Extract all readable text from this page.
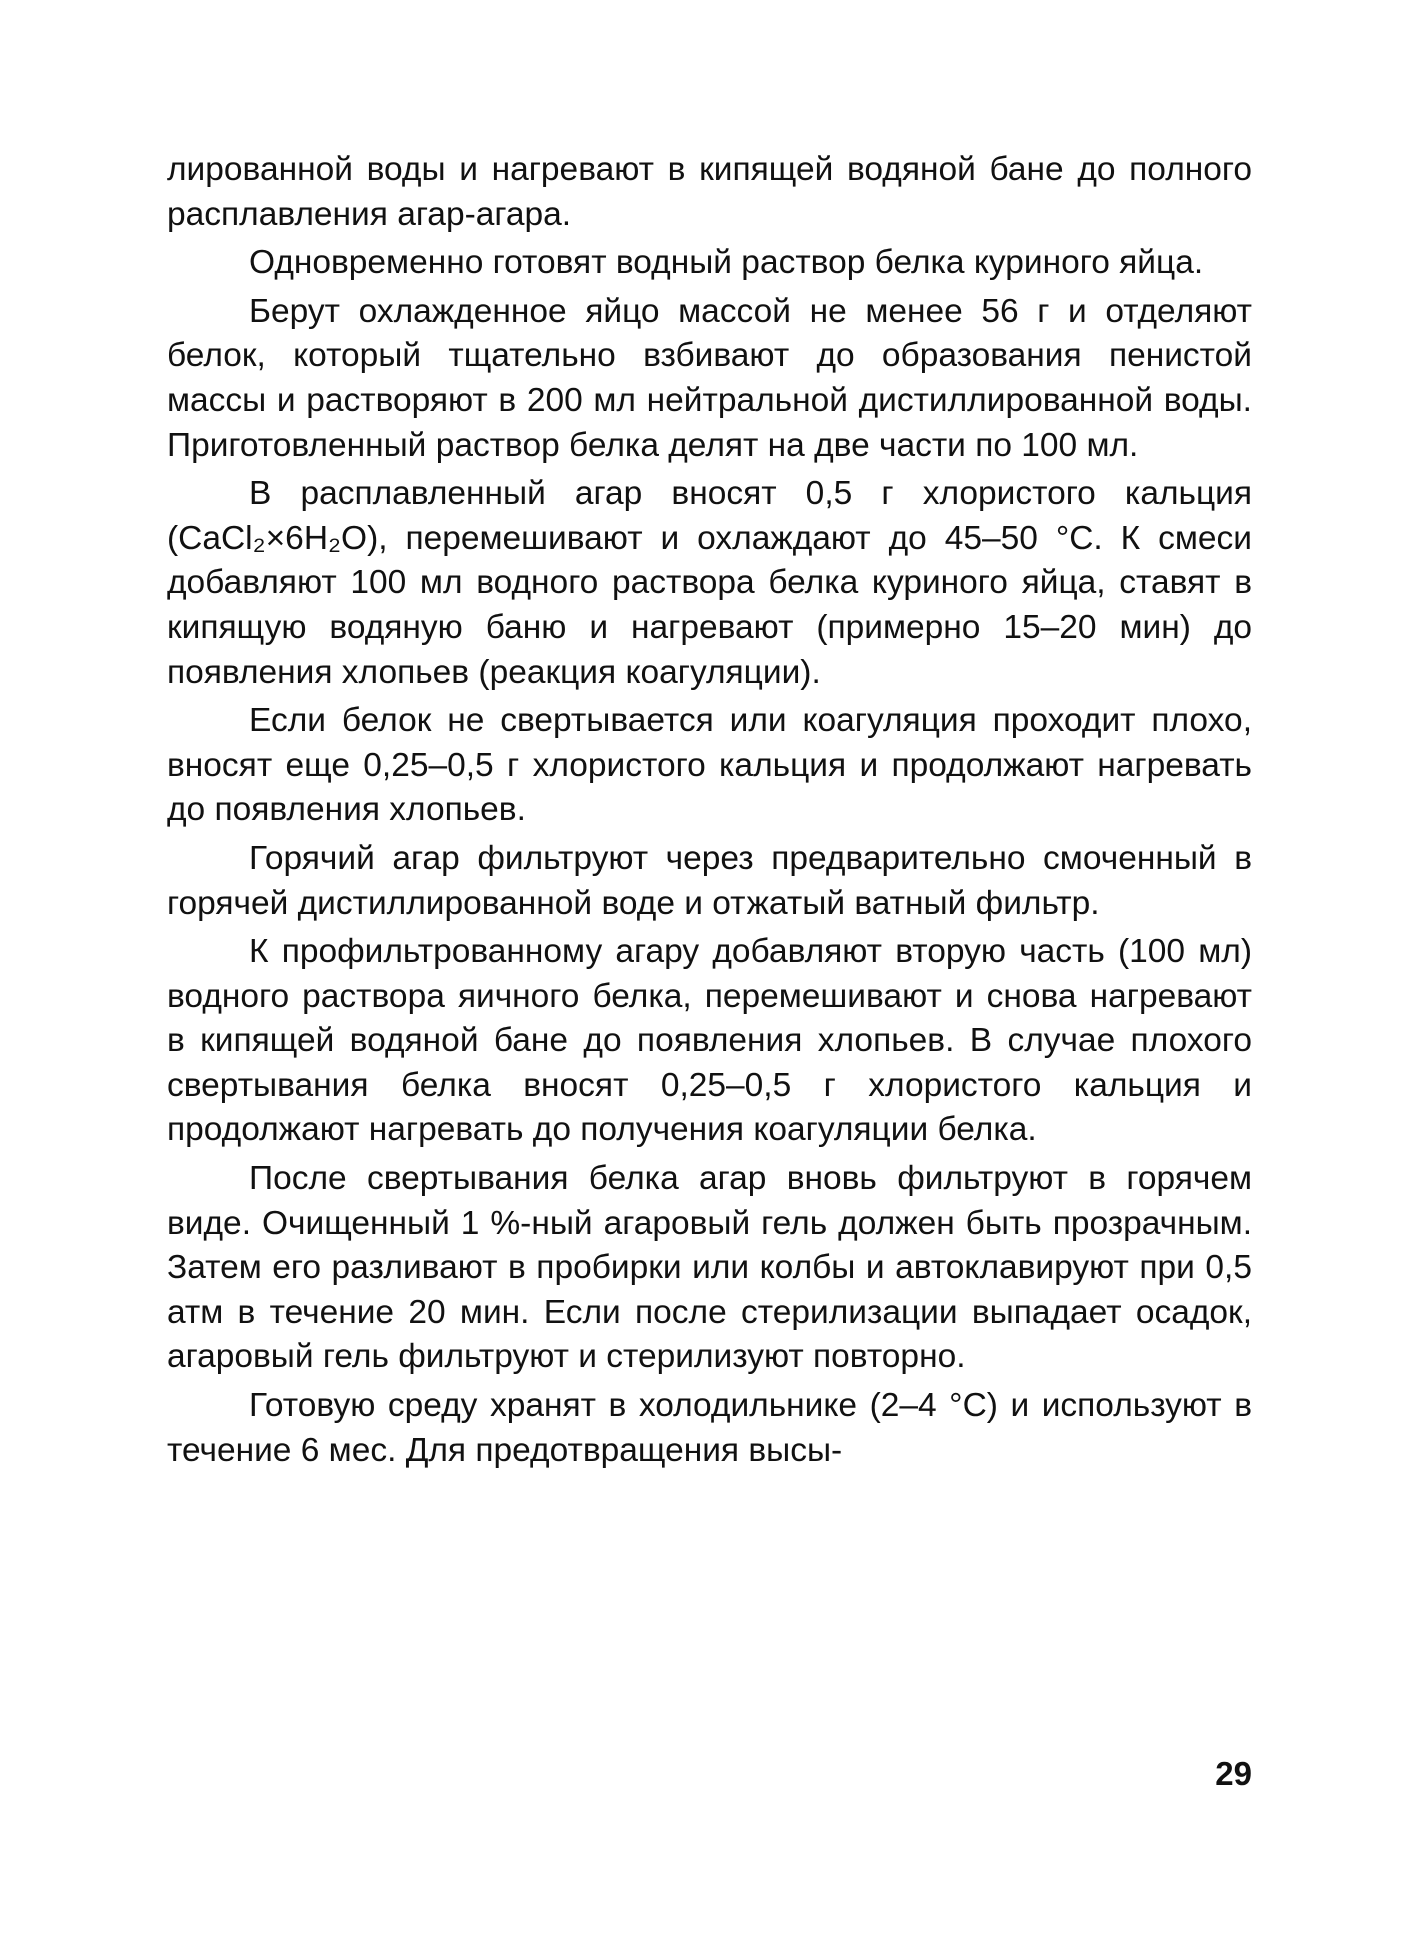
лированной воды и нагревают в кипящей водяной бане до полного расплавления агар-агара.

Одновременно готовят водный раствор белка куриного яйца.

Берут охлажденное яйцо массой не менее 56 г и отделяют белок, который тщательно взбивают до образования пенистой массы и растворяют в 200 мл нейтральной дистиллированной воды. Приготовленный раствор белка делят на две части по 100 мл.

В расплавленный агар вносят 0,5 г хлористого кальция (CaCl₂×6H₂O), перемешивают и охлаждают до 45–50 °С. К смеси добавляют 100 мл водного раствора белка куриного яйца, ставят в кипящую водяную баню и нагревают (примерно 15–20 мин) до появления хлопьев (реакция коагуляции).

Если белок не свертывается или коагуляция проходит плохо, вносят еще 0,25–0,5 г хлористого кальция и продолжают нагревать до появления хлопьев.

Горячий агар фильтруют через предварительно смоченный в горячей дистиллированной воде и отжатый ватный фильтр.

К профильтрованному агару добавляют вторую часть (100 мл) водного раствора яичного белка, перемешивают и снова нагревают в кипящей водяной бане до появления хлопьев. В случае плохого свертывания белка вносят 0,25–0,5 г хлористого кальция и продолжают нагревать до получения коагуляции белка.

После свертывания белка агар вновь фильтруют в горячем виде. Очищенный 1 %-ный агаровый гель должен быть прозрачным. Затем его разливают в пробирки или колбы и автоклавируют при 0,5 атм в течение 20 мин. Если после стерилизации выпадает осадок, агаровый гель фильтруют и стерилизуют повторно.

Готовую среду хранят в холодильнике (2–4 °С) и используют в течение 6 мес. Для предотвращения высы-

29
